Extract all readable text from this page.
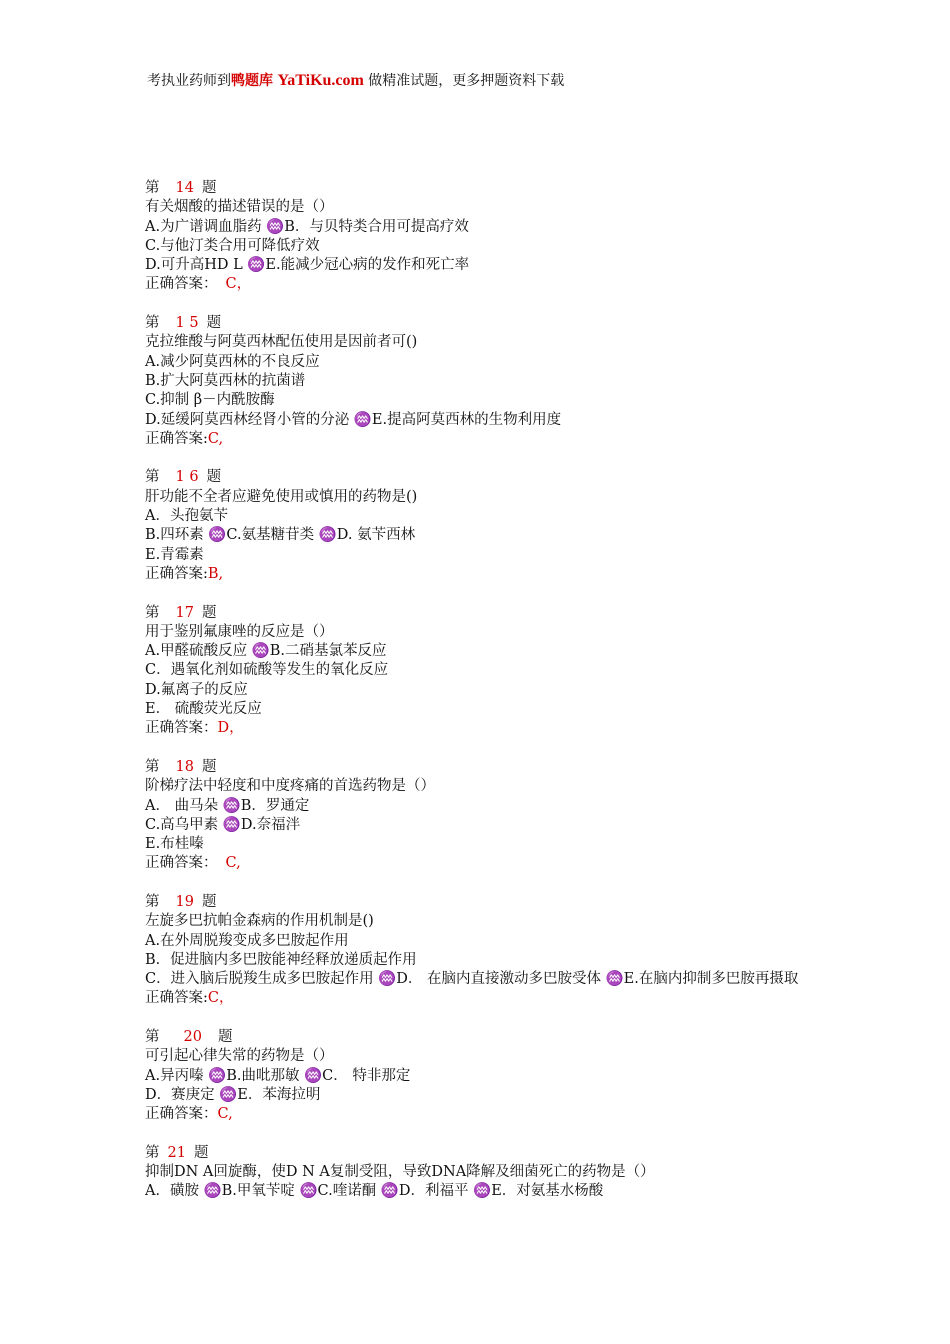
考执业药师到鸭题库 YaTiKu.com 做精准试题，更多押题资料下载
第 14 题
有关烟酸的描述错误的是（）
A.为广谱调血脂药 ♒B．与贝特类合用可提高疗效
C.与他汀类合用可降低疗效
D.可升高HD L ♒E.能减少冠心病的发作和死亡率
正确答案： C，
第 1 5 题
克拉维酸与阿莫西林配伍使用是因前者可()
A.减少阿莫西林的不良反应
B.扩大阿莫西林的抗菌谱
C.抑制 β－内酰胺酶
D.延缓阿莫西林经肾小管的分泌 ♒E.提高阿莫西林的生物利用度
正确答案:C,
第 1 6 题
肝功能不全者应避免使用或慎用的药物是()
A．头孢氨苄
B.四环素 ♒C.氨基糖苷类 ♒D. 氨苄西林
E.青霉素
正确答案:B,
第 17 题
用于鉴别氟康唑的反应是（）
A.甲醛硫酸反应 ♒B.二硝基氯苯反应
C．遇氧化剂如硫酸等发生的氧化反应
D.氟离子的反应
E． 硫酸荧光反应
正确答案：D，
第 18 题
阶梯疗法中轻度和中度疼痛的首选药物是（）
A． 曲马朵 ♒B．罗通定
C.高乌甲素 ♒D.奈福泮
E.布桂嗪
正确答案： C,
第 19 题
左旋多巴抗帕金森病的作用机制是()
A.在外周脱羧变成多巴胺起作用
B．促进脑内多巴胺能神经释放递质起作用
C．进入脑后脱羧生成多巴胺起作用 ♒D． 在脑内直接激动多巴胺受体 ♒E.在脑内抑制多巴胺再摄取
正确答案:C，
第 20 题
可引起心律失常的药物是（）
A.异丙嗪 ♒B.曲吡那敏 ♒C． 特非那定
D．赛庚定 ♒E．苯海拉明
正确答案：C,
第 21 题
抑制DN A回旋酶，使D N A复制受阻，导致DNA降解及细菌死亡的药物是（）
A．磺胺 ♒B.甲氧苄啶 ♒C.喹诺酮 ♒D．利福平 ♒E．对氨基水杨酸
